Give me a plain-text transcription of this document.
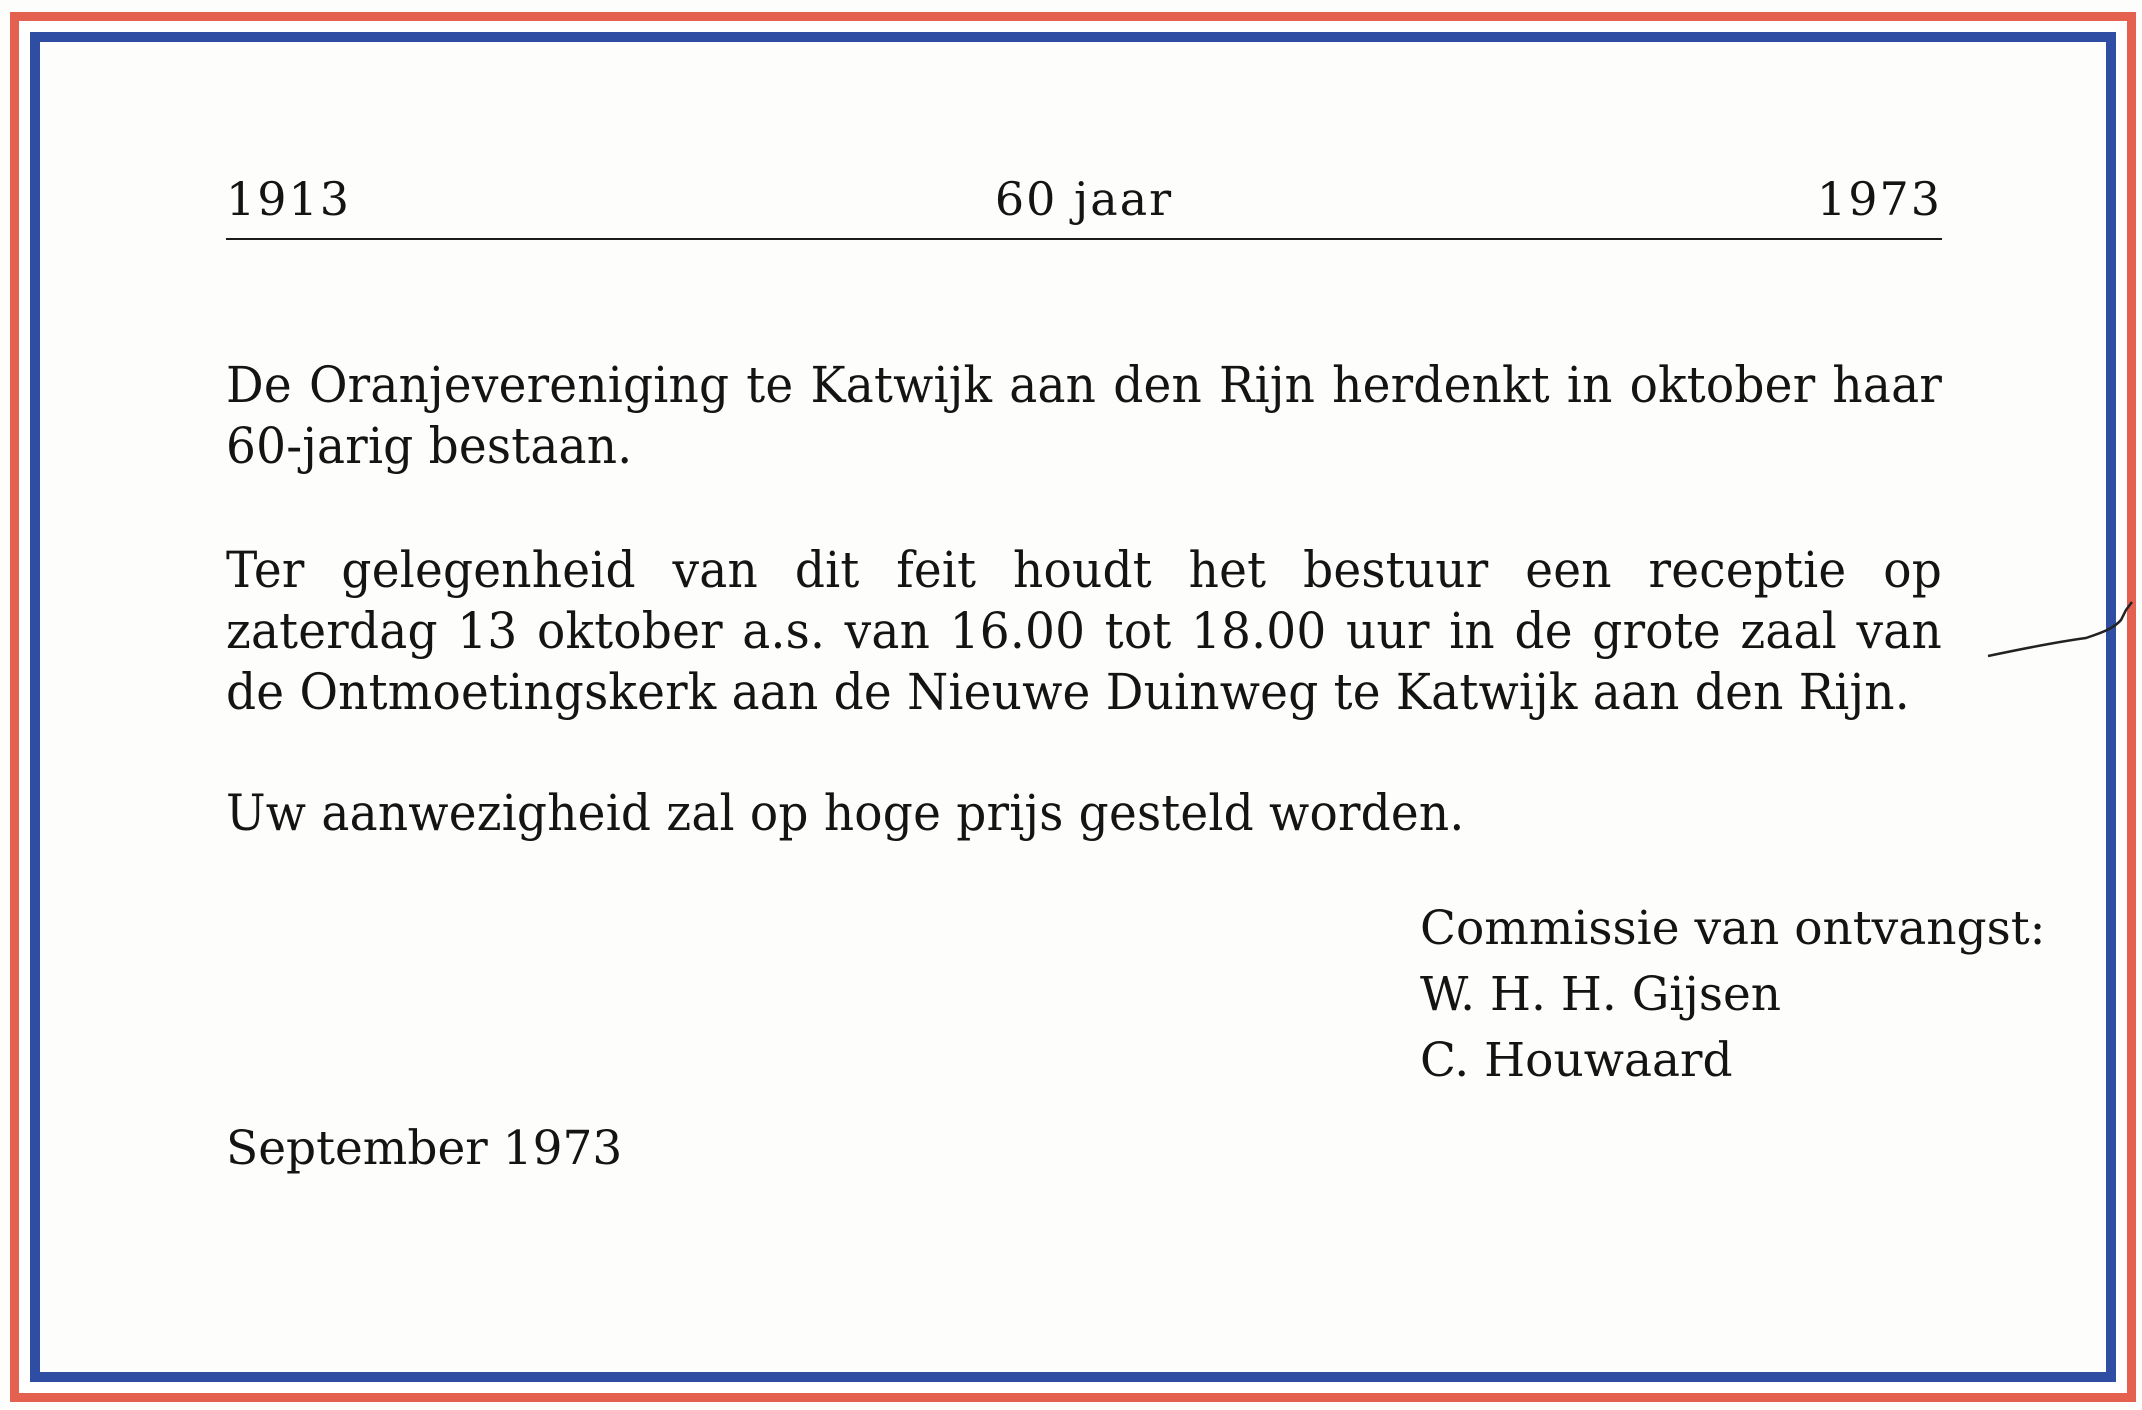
1913	60 jaar	1973
De Oranjevereniging te Katwijk aan den Rijn herdenkt in oktober haar 60-jarig bestaan.
Ter gelegenheid van dit feit houdt het bestuur een receptie op zaterdag 13 oktober a.s. van 16.00 tot 18.00 uur in de grote zaal van de Ontmoetingskerk aan de Nieuwe Duinweg te Katwijk aan den Rijn.
Uw aanwezigheid zal op hoge prijs gesteld worden.
Commissie van ontvangst:
W. H. H. Gijsen
C. Houwaard
September 1973
